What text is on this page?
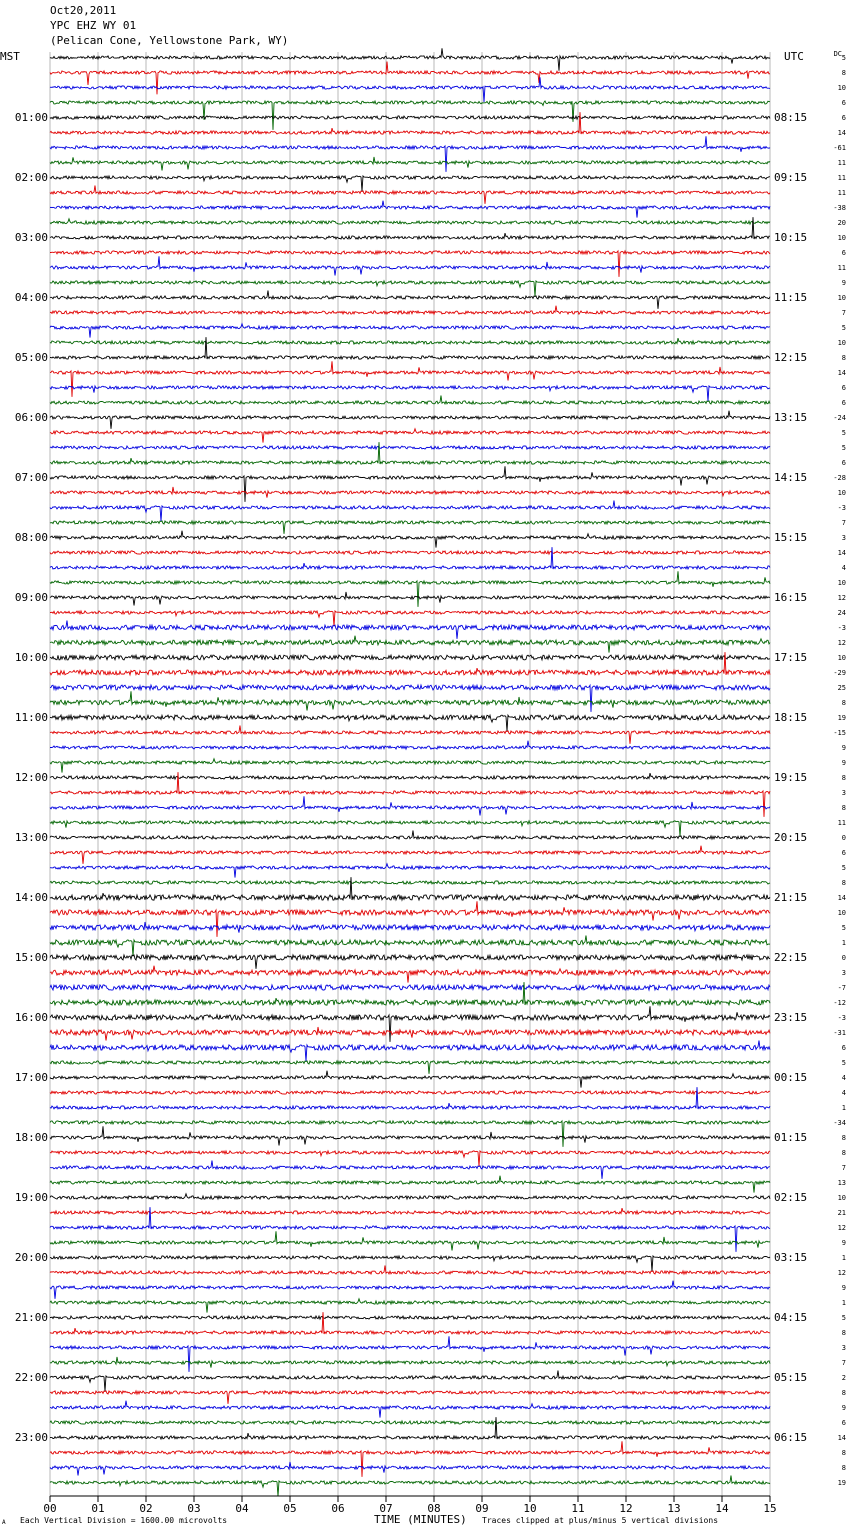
Oct20,2011
YPC EHZ WY 01
(Pelican Cone, Yellowstone Park, WY)
MST	UTC	DC
00	01	02	03	04	05	06	07	08	09	10	11	12	13	14	15
01:00
02:00
03:00
04:00
05:00
06:00
07:00
08:00
09:00
10:00
11:00
12:00
13:00
14:00
15:00
16:00
17:00
18:00
19:00
20:00
21:00
22:00
23:00
08:15
09:15
10:15
11:15
12:15
13:15
14:15
15:15
16:15
17:15
18:15
19:15
20:15
21:15
22:15
23:15
00:15
01:15
02:15
03:15
04:15
05:15
06:15
5
8
10
6
6
14
-61
11
11
11
-38
20
10
6
11
9
10
7
5
10
8
14
6
6
-24
5
5
6
-28
10
-3
7
3
14
4
10
12
24
-3
12
10
-29
25
8
19
-15
9
9
8
3
8
11
0
6
5
8
14
10
5
1
0
3
-7
-12
-3
-31
6
5
4
4
1
-34
8
8
7
13
10
21
12
9
1
12
9
1
5
8
3
7
2
8
9
6
14
8
8
19
A Each Vertical Division = 1600.00 microvolts	TIME (MINUTES) Traces clipped at plus/minus 5 vertical divisions
